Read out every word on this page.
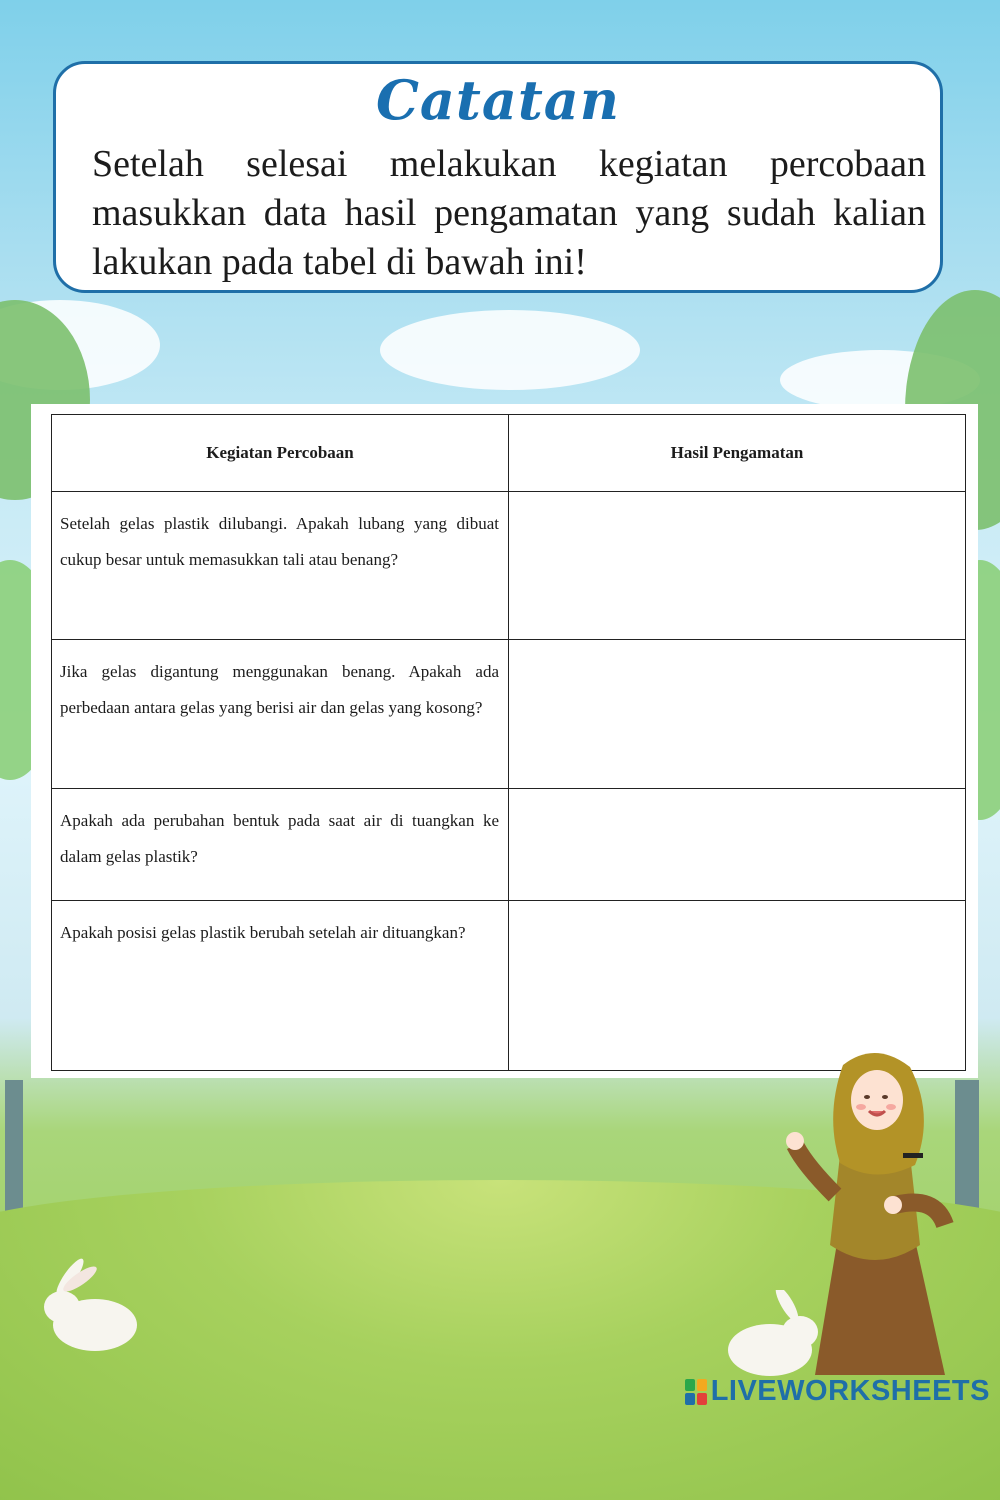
Catatan
Setelah selesai melakukan kegiatan percobaan masukkan data hasil pengamatan yang sudah kalian lakukan pada tabel di bawah ini!
Kegiatan Percobaan	Hasil Pengamatan
Setelah gelas plastik dilubangi. Apakah lubang yang dibuat cukup besar untuk memasukkan tali atau benang?	
Jika gelas digantung menggunakan benang. Apakah ada perbedaan antara gelas yang berisi air dan gelas yang kosong?	
Apakah ada perubahan bentuk pada saat air di tuangkan ke dalam gelas plastik?	
Apakah posisi gelas plastik berubah setelah air dituangkan?	
LIVEWORKSHEETS
